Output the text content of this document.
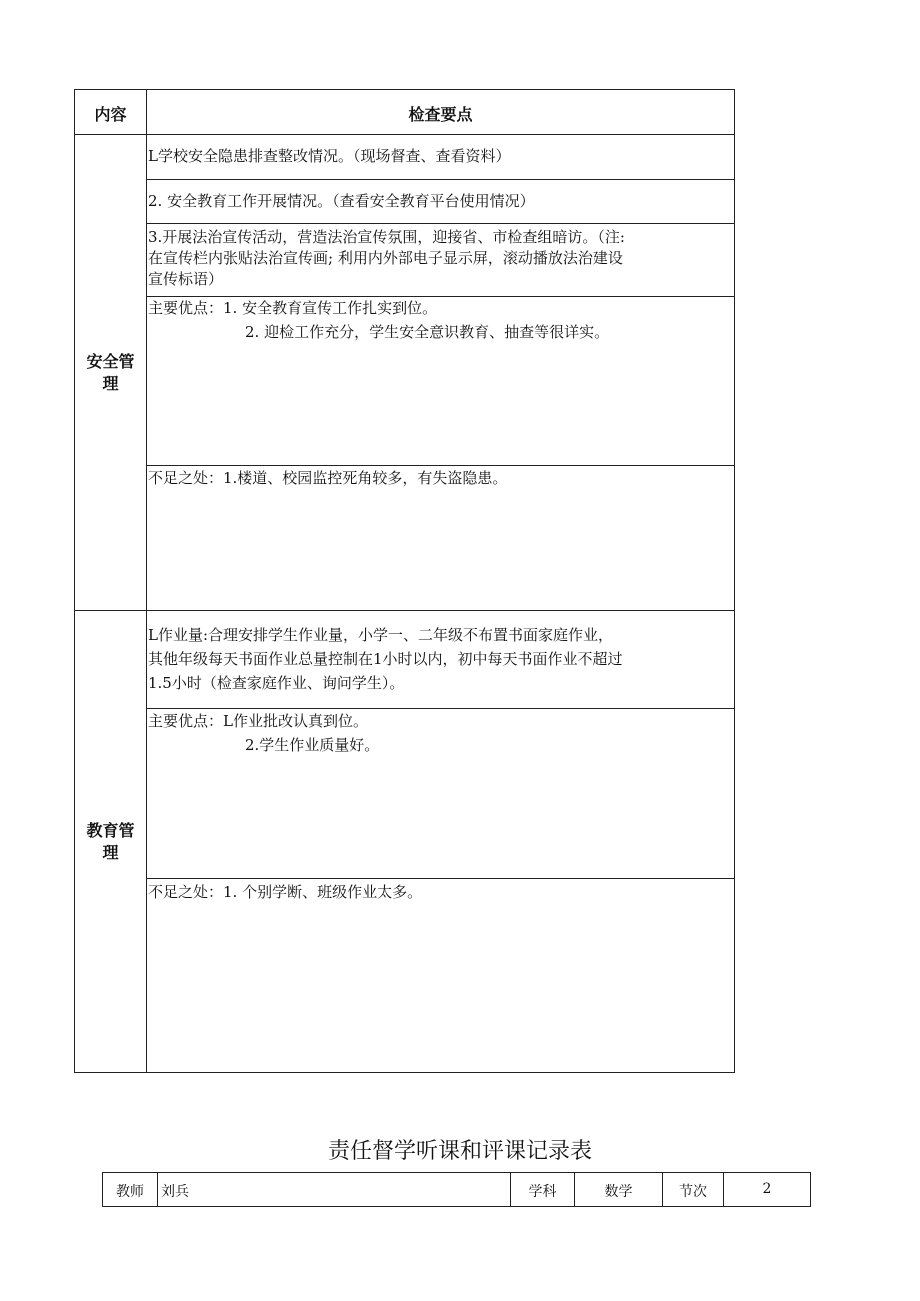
内容	检查要点
安全管
理
L学校安全隐患排查整改情况。（现场督查、查看资料）
2. 安全教育工作开展情况。（查看安全教育平台使用情况）
3.开展法治宣传活动，营造法治宣传氛围，迎接省、市检查组暗访。（注:
在宣传栏内张贴法治宣传画; 利用内外部电子显示屏，滚动播放法治建设
宣传标语）
主要优点：1. 安全教育宣传工作扎实到位。
2. 迎检工作充分，学生安全意识教育、抽查等很详实。
不足之处：1.楼道、校园监控死角较多，有失盗隐患。
教育管
理
L作业量:合理安排学生作业量，小学一、二年级不布置书面家庭作业，
其他年级每天书面作业总量控制在1小时以内，初中每天书面作业不超过
1.5小时（检查家庭作业、询问学生）。
主要优点：L作业批改认真到位。
2.学生作业质量好。
不足之处：1. 个别学断、班级作业太多。
责任督学听课和评课记录表
教师	刘兵	学科	数学	节次	2
